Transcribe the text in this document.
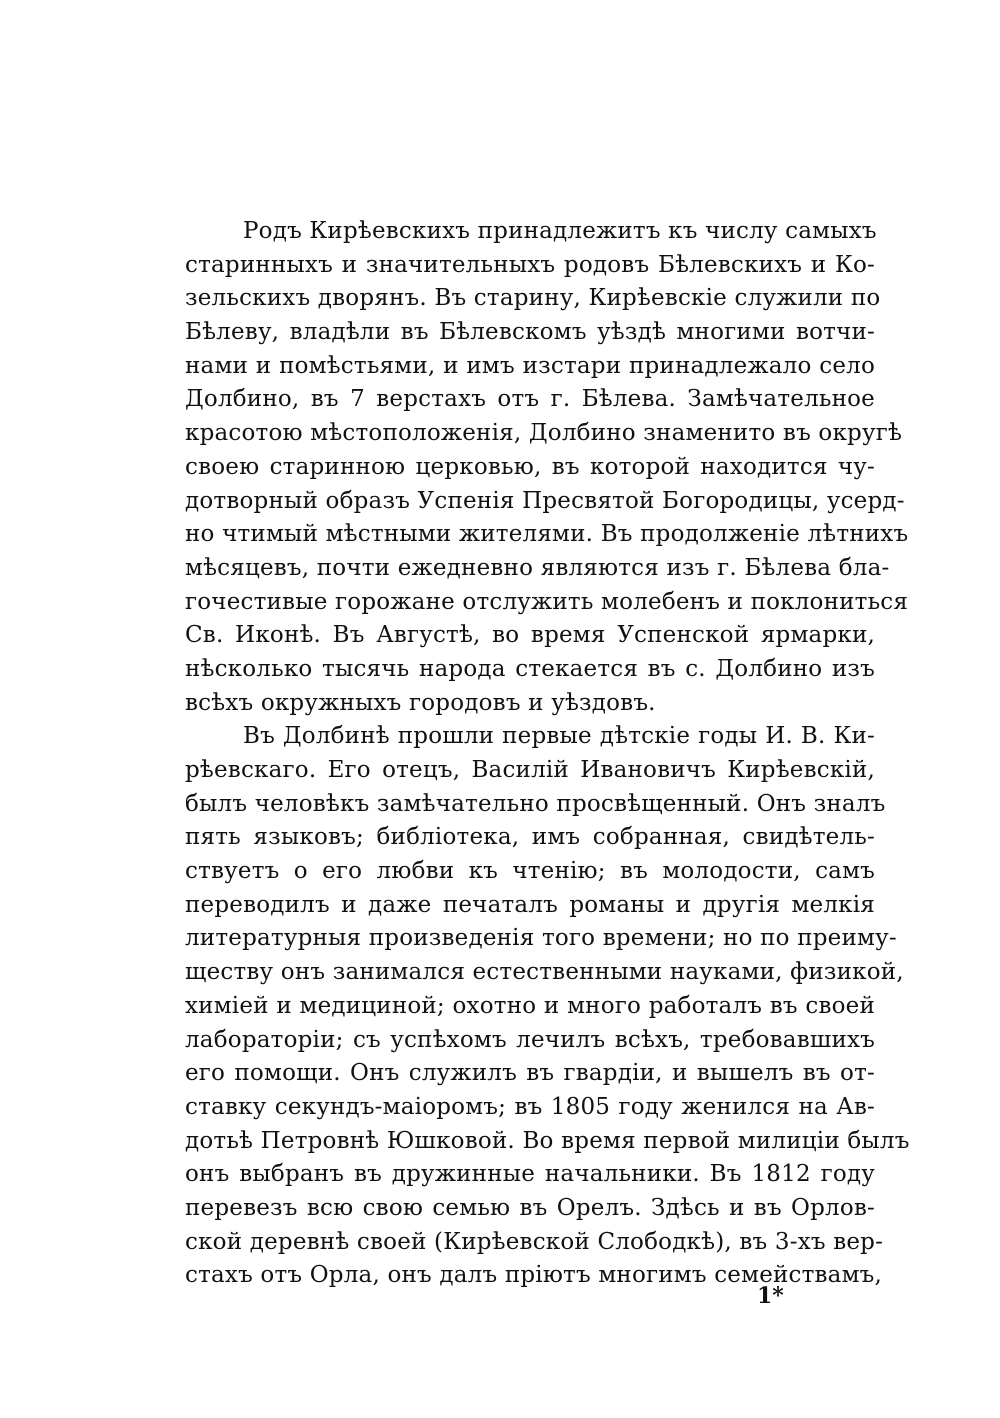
Родъ Кирѣевскихъ принадлежитъ къ числу самыхъ
старинныхъ и значительныхъ родовъ Бѣлевскихъ и Ко-
зельскихъ дворянъ. Въ старину, Кирѣевскіе служили по
Бѣлеву, владѣли въ Бѣлевскомъ уѣздѣ многими вотчи-
нами и помѣстьями, и имъ изстари принадлежало село
Долбино, въ 7 верстахъ отъ г. Бѣлева. Замѣчательное
красотою мѣстоположенія, Долбино знаменито въ округѣ
своею старинною церковью, въ которой находится чу-
дотворный образъ Успенія Пресвятой Богородицы, усерд-
но чтимый мѣстными жителями. Въ продолженіе лѣтнихъ
мѣсяцевъ, почти ежедневно являются изъ г. Бѣлева бла-
гочестивые горожане отслужить молебенъ и поклониться
Св. Иконѣ. Въ Августѣ, во время Успенской ярмарки,
нѣсколько тысячь народа стекается въ с. Долбино изъ
всѣхъ окружныхъ городовъ и уѣздовъ.
Въ Долбинѣ прошли первые дѣтскіе годы И. В. Ки-
рѣевскаго. Его отецъ, Василій Ивановичъ Кирѣевскій,
былъ человѣкъ замѣчательно просвѣщенный. Онъ зналъ
пять языковъ; библіотека, имъ собранная, свидѣтель-
ствуетъ о его любви къ чтенію; въ молодости, самъ
переводилъ и даже печаталъ романы и другія мелкія
литературныя произведенія того времени; но по преиму-
ществу онъ занимался естественными науками, физикой,
химіей и медициной; охотно и много работалъ въ своей
лабораторіи; съ успѣхомъ лечилъ всѣхъ, требовавшихъ
его помощи. Онъ служилъ въ гвардіи, и вышелъ въ от-
ставку секундъ-маіоромъ; въ 1805 году женился на Ав-
дотьѣ Петровнѣ Юшковой. Во время первой милиціи былъ
онъ выбранъ въ дружинные начальники. Въ 1812 году
перевезъ всю свою семью въ Орелъ. Здѣсь и въ Орлов-
ской деревнѣ своей (Кирѣевской Слободкѣ), въ 3-хъ вер-
стахъ отъ Орла, онъ далъ пріютъ многимъ семействамъ,
1*
